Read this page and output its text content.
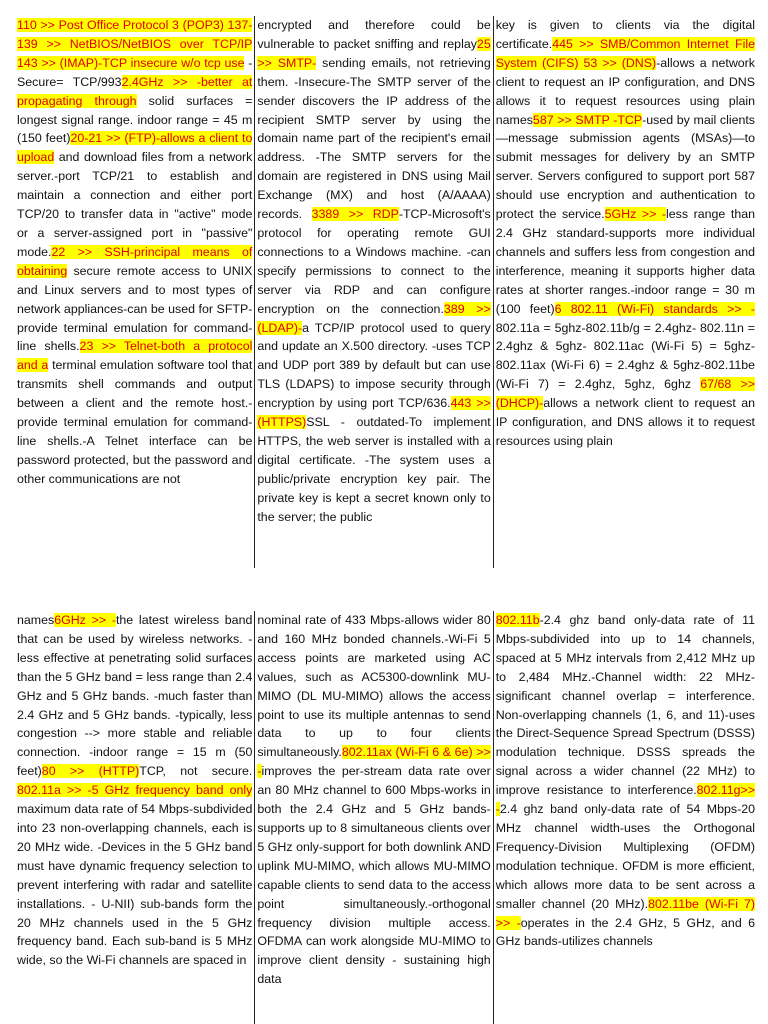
110 >> Post Office Protocol 3 (POP3) 137-139 >> NetBIOS/NetBIOS over TCP/IP 143 >> (IMAP)-TCP insecure w/o tcp use -Secure= TCP/9932.4GHz >> -better at propagating through solid surfaces = longest signal range. indoor range = 45 m (150 feet)20-21 >> (FTP)-allows a client to upload and download files from a network server.-port TCP/21 to establish and maintain a connection and either port TCP/20 to transfer data in "active" mode or a server-assigned port in "passive" mode.22 >> SSH-principal means of obtaining secure remote access to UNIX and Linux servers and to most types of network appliances-can be used for SFTP-provide terminal emulation for command-line shells.23 >> Telnet-both a protocol and a terminal emulation software tool that transmits shell commands and output between a client and the remote host.-provide terminal emulation for command-line shells.-A Telnet interface can be password protected, but the password and other communications are not
encrypted and therefore could be vulnerable to packet sniffing and replay25 >> SMTP- sending emails, not retrieving them. -Insecure-The SMTP server of the sender discovers the IP address of the recipient SMTP server by using the domain name part of the recipient's email address. -The SMTP servers for the domain are registered in DNS using Mail Exchange (MX) and host (A/AAAA) records. 3389 >> RDP-TCP-Microsoft's protocol for operating remote GUI connections to a Windows machine. -can specify permissions to connect to the server via RDP and can configure encryption on the connection.389 >> (LDAP)-a TCP/IP protocol used to query and update an X.500 directory. -uses TCP and UDP port 389 by default but can use TLS (LDAPS) to impose security through encryption by using port TCP/636.443 >> (HTTPS)SSL - outdated-To implement HTTPS, the web server is installed with a digital certificate. -The system uses a public/private encryption key pair. The private key is kept a secret known only to the server; the public
key is given to clients via the digital certificate.445 >> SMB/Common Internet File System (CIFS) 53 >> (DNS)-allows a network client to request an IP configuration, and DNS allows it to request resources using plain names587 >> SMTP -TCP-used by mail clients—message submission agents (MSAs)—to submit messages for delivery by an SMTP server. Servers configured to support port 587 should use encryption and authentication to protect the service.5GHz >> -less range than 2.4 GHz standard-supports more individual channels and suffers less from congestion and interference, meaning it supports higher data rates at shorter ranges.-indoor range = 30 m (100 feet)6 802.11 (Wi-Fi) standards >> - 802.11a = 5ghz-802.11b/g = 2.4ghz- 802.11n = 2.4ghz & 5ghz- 802.11ac (Wi-Fi 5) = 5ghz-802.11ax (Wi-Fi 6) = 2.4ghz & 5ghz-802.11be (Wi-Fi 7) = 2.4ghz, 5ghz, 6ghz 67/68 >> (DHCP)-allows a network client to request an IP configuration, and DNS allows it to request resources using plain
names6GHz >> -the latest wireless band that can be used by wireless networks. -less effective at penetrating solid surfaces than the 5 GHz band = less range than 2.4 GHz and 5 GHz bands. -much faster than 2.4 GHz and 5 GHz bands. -typically, less congestion --> more stable and reliable connection. -indoor range = 15 m (50 feet)80 >> (HTTP)TCP, not secure. 802.11a >> -5 GHz frequency band only maximum data rate of 54 Mbps-subdivided into 23 non-overlapping channels, each is 20 MHz wide. -Devices in the 5 GHz band must have dynamic frequency selection to prevent interfering with radar and satellite installations. - U-NII) sub-bands form the 20 MHz channels used in the 5 GHz frequency band. Each sub-band is 5 MHz wide, so the Wi-Fi channels are spaced in
nominal rate of 433 Mbps-allows wider 80 and 160 MHz bonded channels.-Wi-Fi 5 access points are marketed using AC values, such as AC5300-downlink MU-MIMO (DL MU-MIMO) allows the access point to use its multiple antennas to send data to up to four clients simultaneously.802.11ax (Wi-Fi 6 & 6e) >> -improves the per-stream data rate over an 80 MHz channel to 600 Mbps-works in both the 2.4 GHz and 5 GHz bands-supports up to 8 simultaneous clients over 5 GHz only-support for both downlink AND uplink MU-MIMO, which allows MU-MIMO capable clients to send data to the access point simultaneously.-orthogonal frequency division multiple access. OFDMA can work alongside MU-MIMO to improve client density - sustaining high data
802.11b-2.4 ghz band only-data rate of 11 Mbps-subdivided into up to 14 channels, spaced at 5 MHz intervals from 2,412 MHz up to 2,484 MHz.-Channel width: 22 MHz-significant channel overlap = interference. Non-overlapping channels (1, 6, and 11)-uses the Direct-Sequence Spread Spectrum (DSSS) modulation technique. DSSS spreads the signal across a wider channel (22 MHz) to improve resistance to interference.802.11g>> -2.4 ghz band only-data rate of 54 Mbps-20 MHz channel width-uses the Orthogonal Frequency-Division Multiplexing (OFDM) modulation technique. OFDM is more efficient, which allows more data to be sent across a smaller channel (20 MHz).802.11be (Wi-Fi 7) >> -operates in the 2.4 GHz, 5 GHz, and 6 GHz bands-utilizes channels
